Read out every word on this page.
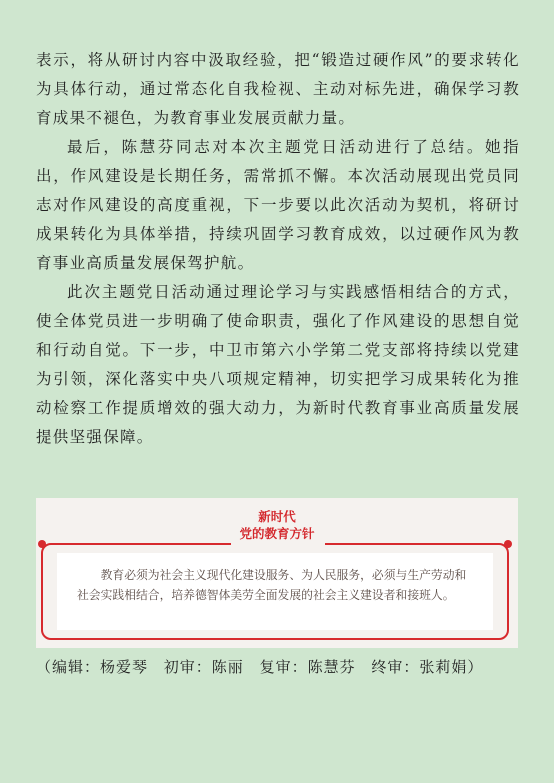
表示，将从研讨内容中汲取经验，把“锻造过硬作风”的要求转化为具体行动，通过常态化自我检视、主动对标先进，确保学习教育成果不褪色，为教育事业发展贡献力量。

最后，陈慧芬同志对本次主题党日活动进行了总结。她指出，作风建设是长期任务，需常抓不懈。本次活动展现出党员同志对作风建设的高度重视，下一步要以此次活动为契机，将研讨成果转化为具体举措，持续巩固学习教育成效，以过硬作风为教育事业高质量发展保驾护航。

此次主题党日活动通过理论学习与实践感悟相结合的方式，使全体党员进一步明确了使命职责，强化了作风建设的思想自觉和行动自觉。下一步，中卫市第六小学第二党支部将持续以党建为引领，深化落实中央八项规定精神，切实把学习成果转化为推动检察工作提质增效的强大动力，为新时代教育事业高质量发展提供坚强保障。

新时代
党的教育方针

教育必须为社会主义现代化建设服务、为人民服务，必须与生产劳动和社会实践相结合，培养德智体美劳全面发展的社会主义建设者和接班人。

（编辑：杨爱琴 初审：陈丽 复审：陈慧芬 终审：张莉娟）
